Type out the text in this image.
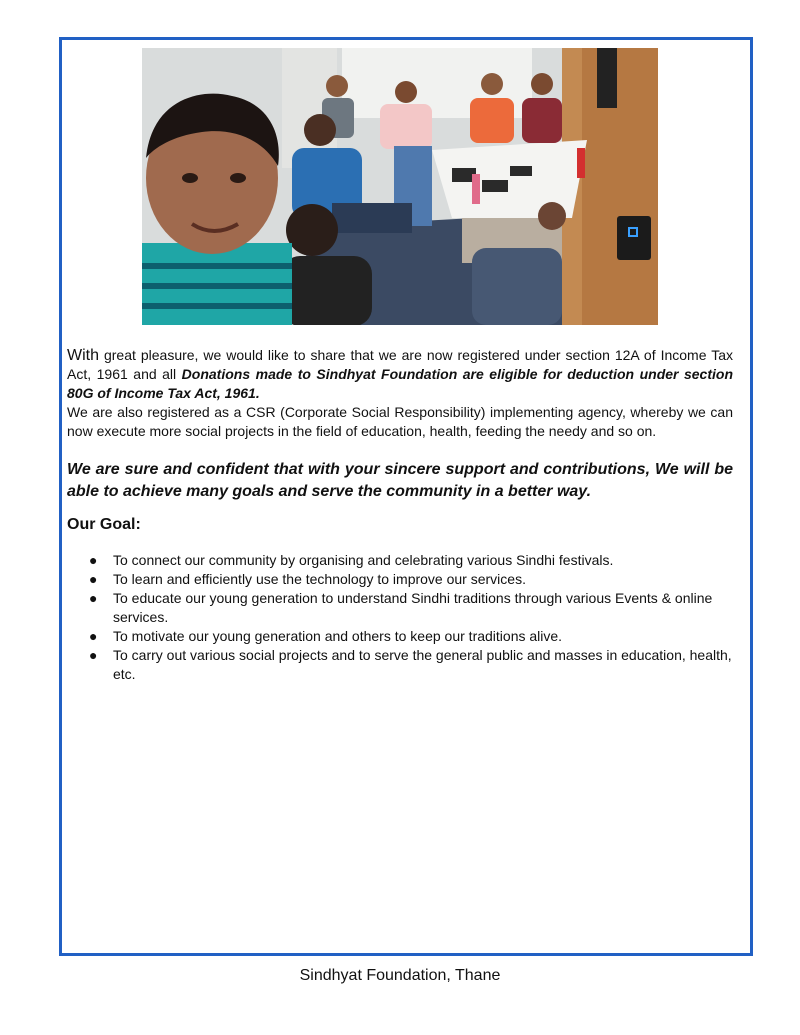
With great pleasure, we would like to share that we are now registered under section 12A of Income Tax Act, 1961 and all Donations made to Sindhyat Foundation are eligible for deduction under section 80G of Income Tax Act, 1961.
We are also registered as a CSR (Corporate Social Responsibility) implementing agency, whereby we can now execute more social projects in the field of education, health, feeding the needy and so on.
We are sure and confident that with your sincere support and contributions, We will be able to achieve many goals and serve the community in a better way.
Our Goal:
● To connect our community by organising and celebrating various Sindhi festivals.
● To learn and efficiently use the technology to improve our services.
● To educate our young generation to understand Sindhi traditions through various Events & online services.
● To motivate our young generation and others to keep our traditions alive.
● To carry out various social projects and to serve the general public and masses in education, health, etc.
Sindhyat Foundation, Thane
